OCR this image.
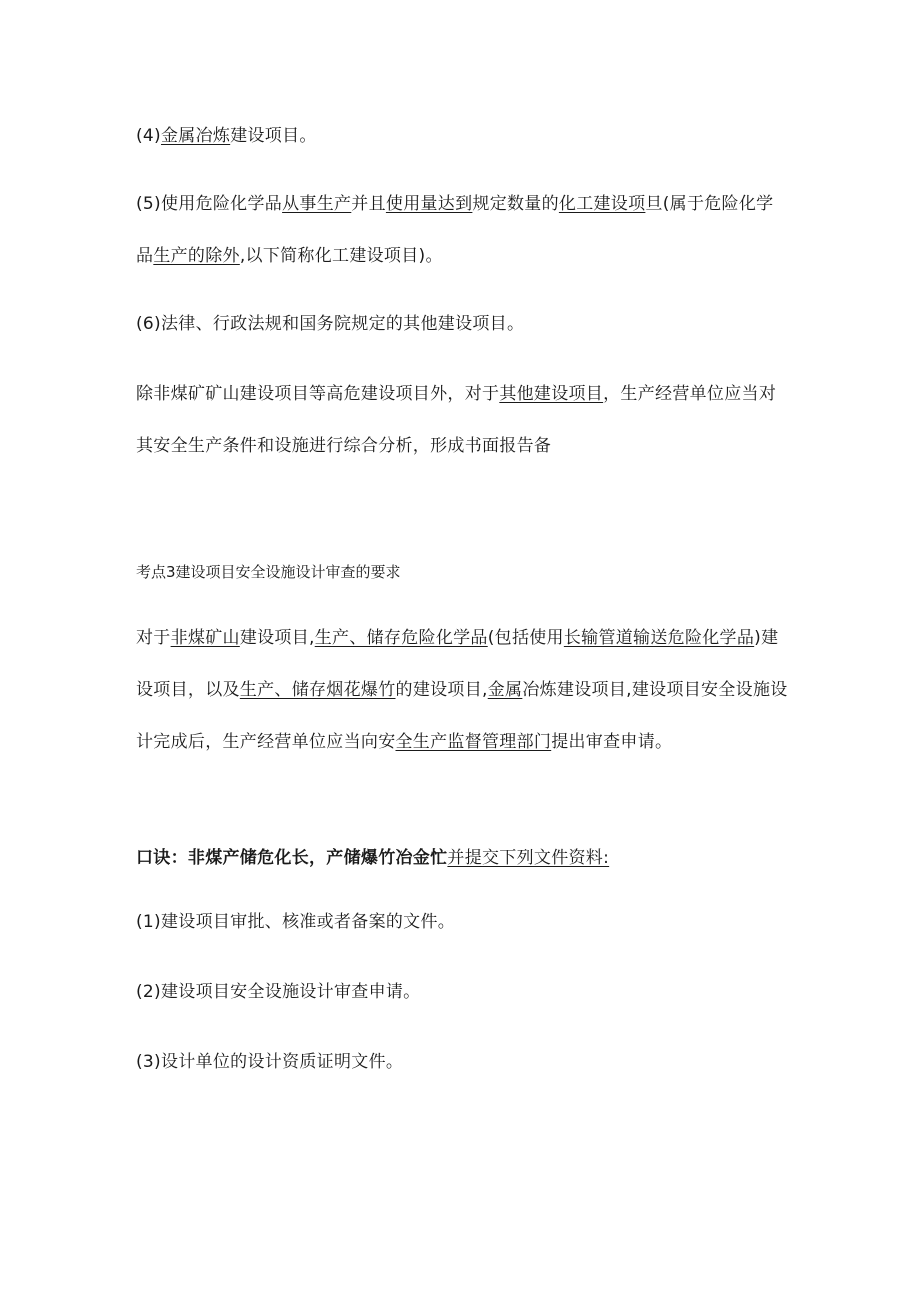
(4)金属冶炼建设项目。

(5)使用危险化学品从事生产并且使用量达到规定数量的化工建设项旦(属于危险化学品生产的除外,以下简称化工建设项目)。

(6)法律、行政法规和国务院规定的其他建设项目。

除非煤矿矿山建设项目等高危建设项目外，对于其他建设项目，生产经营单位应当对其安全生产条件和设施进行综合分析，形成书面报告备

考点3建设项目安全设施设计审查的要求

对于非煤矿山建设项目,生产、储存危险化学品(包括使用长输管道输送危险化学品)建设项目，以及生产、储存烟花爆竹的建设项目,金属冶炼建设项目,建设项目安全设施设计完成后，生产经营单位应当向安全生产监督管理部门提出审查申请。

口诀：非煤产储危化长，产储爆竹冶金忙并提交下列文件资料:

(1)建设项目审批、核准或者备案的文件。

(2)建设项目安全设施设计审查申请。

(3)设计单位的设计资质证明文件。
